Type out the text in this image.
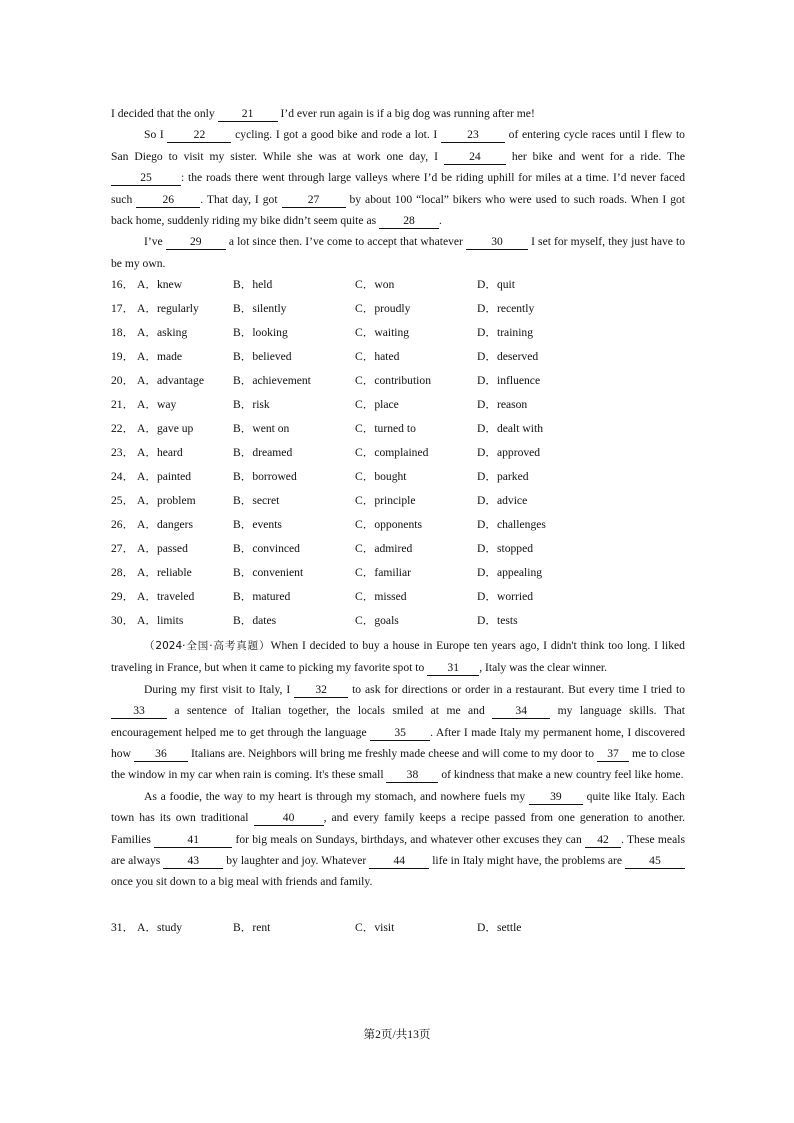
I decided that the only 21 I’d ever run again is if a big dog was running after me!

So I	22	cycling. I got a good bike and rode a lot. I	23	of entering cycle races until I flew to San Diego to visit my sister. While she was at work one day, I	24	her bike and went for a ride. The 25	: the roads there went through large valleys where I’d be riding uphill for miles at a time. I’d never faced such	26 . That day, I got	27	by about 100 “local” bikers who were used to such roads. When I got back home, suddenly riding my bike didn’t seem quite as 28 .

I’ve 29 a lot since then. I’ve come to accept that whatever 30 I set for myself, they just have to be my own.

16． A．knew	B．held	C．won	D．quit
17． A．regularly	B．silently	C．proudly	D．recently
18． A．asking	B．looking	C．waiting	D．training
19． A．made	B．believed	C．hated	D．deserved
20． A．advantage	B．achievement	C．contribution	D．influence
21． A．way	B．risk	C．place	D．reason
22． A．gave up	B．went on	C．turned to	D．dealt with
23． A．heard	B．dreamed	C．complained	D．approved
24． A．painted	B．borrowed	C．bought	D．parked
25． A．problem	B．secret	C．principle	D．advice
26． A．dangers	B．events	C．opponents	D．challenges
27． A．passed	B．convinced	C．admired	D．stopped
28． A．reliable	B．convenient	C．familiar	D．appealing
29． A．traveled	B．matured	C．missed	D．worried
30． A．limits	B．dates	C．goals	D．tests

（2024·全国·高考真题）When I decided to buy a house in Europe ten years ago, I didn't think too long. I liked traveling in France, but when it came to picking my favorite spot to 31 , Italy was the clear winner.

During my first visit to Italy, I 32 to ask for directions or order in a restaurant. But every time I tried to 33	a sentence of Italian together, the locals smiled at me and	34	my language skills. That encouragement helped me to get through the language 35 . After I made Italy my permanent home, I discovered how 36 Italians are. Neighbors will bring me freshly made cheese and will come to my door to 37 me to close the window in my car when rain is coming. It's these small 38 of kindness that make a new country feel like home.

As a foodie, the way to my heart is through my stomach, and nowhere fuels my 39 quite like Italy. Each town has its own traditional	40	, and every family keeps a recipe passed from one generation to another. Families	41	for big meals on Sundays, birthdays, and whatever other excuses they can 42 . These meals are always 43 by laughter and joy. Whatever 44 life in Italy might have, the problems are 45 once you sit down to a big meal with friends and family.

31． A．study	B．rent	C．visit	D．settle
第2页/共13页
